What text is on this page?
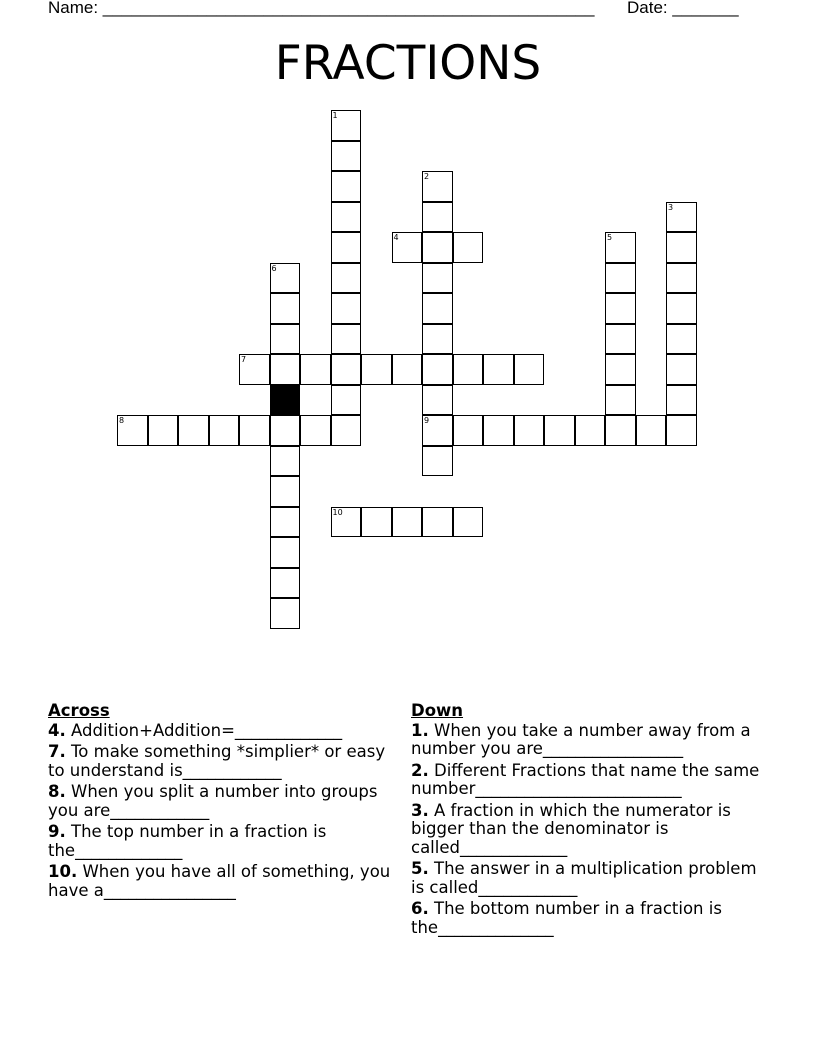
Name: ____________________________________________________ Date: _______
FRACTIONS
1
2
9
3
4	5
6
7
8
10
Across
4. Addition+Addition=_____________
7. To make something *simplier* or easy to understand is____________
8. When you split a number into groups you are____________
9. The top number in a fraction is the_____________
10. When you have all of something, you have a________________
Down
1. When you take a number away from a number you are_________________
2. Different Fractions that name the same number_________________________
3. A fraction in which the numerator is bigger than the denominator is called_____________
5. The answer in a multiplication problem is called____________
6. The bottom number in a fraction is the______________
